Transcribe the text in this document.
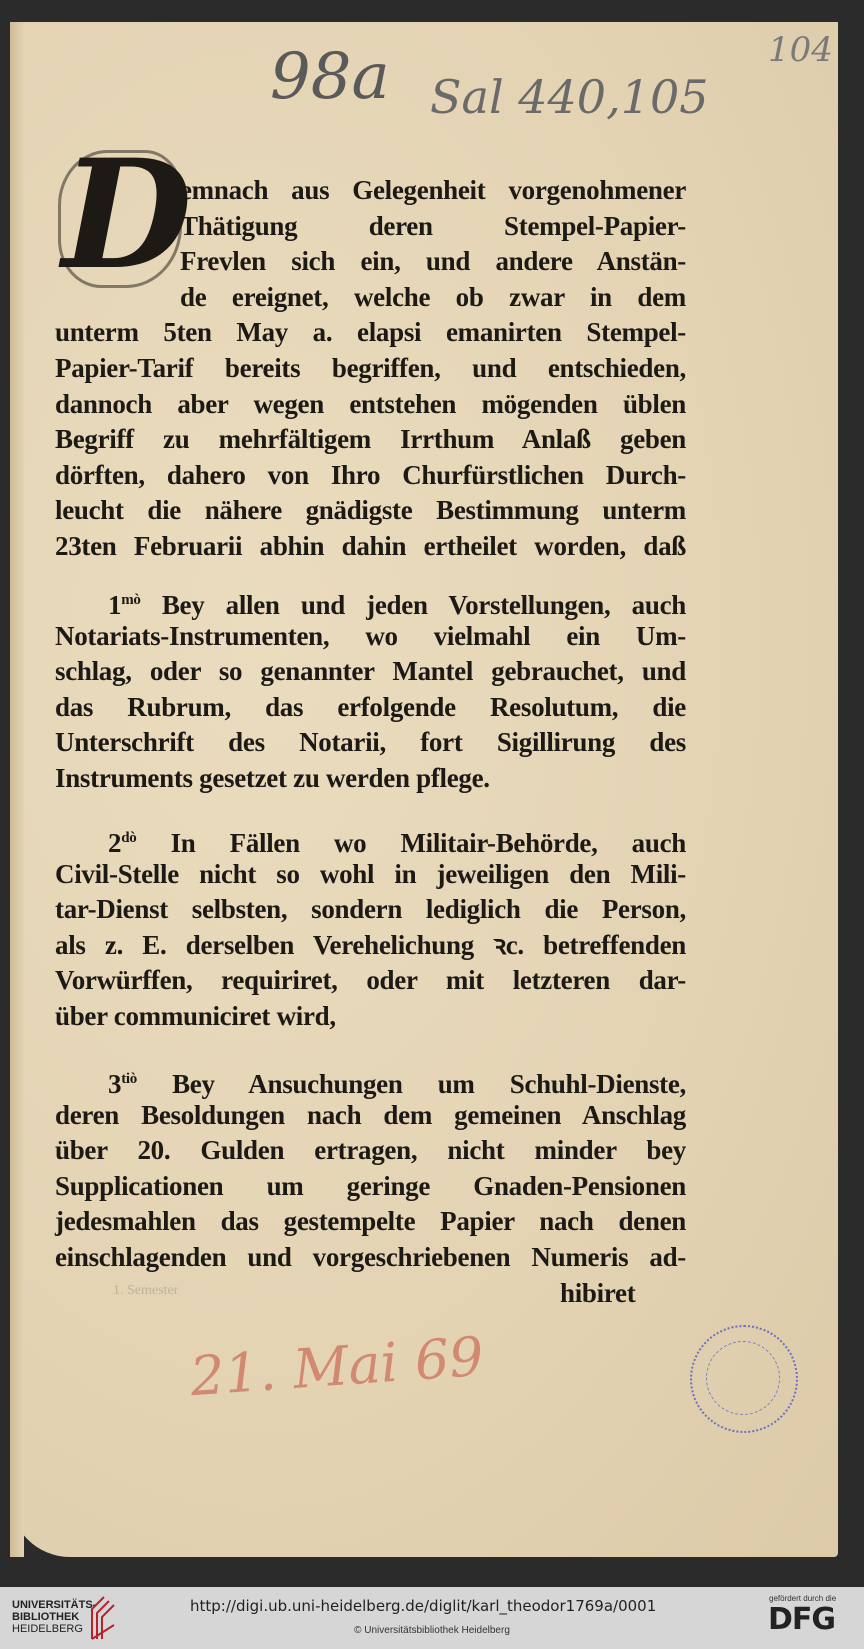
98a Sal 440,105
104
D
emnach aus Gelegenheit vorgenohmener
Thätigung deren Stempel-Papier-
Frevlen sich ein, und andere Anstän-
de ereignet, welche ob zwar in dem
unterm 5ten May a. elapsi emanirten Stempel-
Papier-Tarif bereits begriffen, und entschieden,
dannoch aber wegen entstehen mögenden üblen
Begriff zu mehrfältigem Irrthum Anlaß geben
dörften, dahero von Ihro Churfürstlichen Durch-
leucht die nähere gnädigste Bestimmung unterm
23ten Februarii abhin dahin ertheilet worden, daß
$1^{mò}$ Bey allen und jeden Vorstellungen, auch
Notariats-Instrumenten, wo vielmahl ein Um-
schlag, oder so genannter Mantel gebrauchet, und
das Rubrum, das erfolgende Resolutum, die
Unterschrift des Notarii, fort Sigillirung des
Instruments gesetzet zu werden pflege.
$2^{dò}$ In Fällen wo Militair-Behörde, auch
Civil-Stelle nicht so wohl in jeweiligen den Mili-
tar-Dienst selbsten, sondern lediglich die Person,
als z. E. derselben Verehelichung ꝛc. betreffenden
Vorwürffen, requiriret, oder mit letzteren dar-
über communiciret wird,
$3^{tiò}$ Bey Ansuchungen um Schuhl-Dienste,
deren Besoldungen nach dem gemeinen Anschlag
über 20. Gulden ertragen, nicht minder bey
Supplicationen um geringe Gnaden-Pensionen
jedesmahlen das gestempelte Papier nach denen
einschlagenden und vorgeschriebenen Numeris ad-
hibiret
1. Semester
21. Mai 69
UNIVERSITÄTS-
BIBLIOTHEK
HEIDELBERG
http://digi.ub.uni-heidelberg.de/diglit/karl_theodor1769a/0001
© Universitätsbibliothek Heidelberg
gefördert durch die
DFG
